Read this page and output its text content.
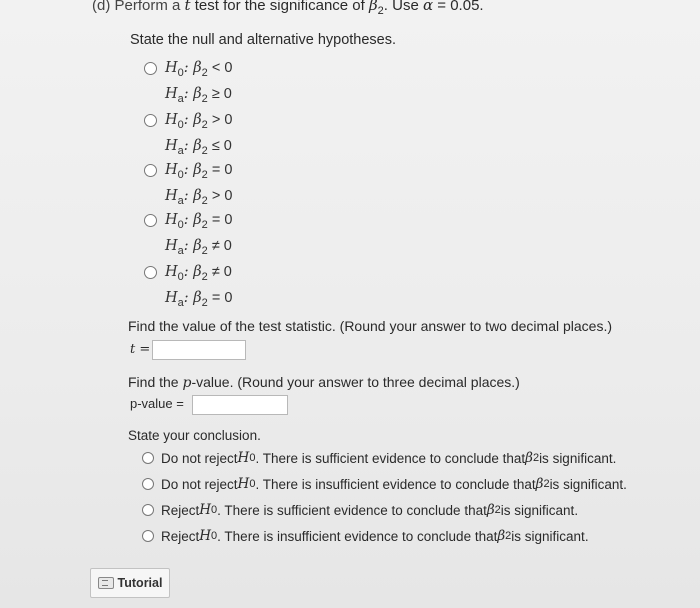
(d) Perform a t test for the significance of $\beta_2$. Use α = 0.05.
State the null and alternative hypotheses.
$H_0$: $\beta_2 < 0$
$H_a$: $\beta_2 \ge 0$
$H_0$: $\beta_2 > 0$
$H_a$: $\beta_2 \le 0$
$H_0$: $\beta_2 = 0$
$H_a$: $\beta_2 > 0$
$H_0$: $\beta_2 = 0$
$H_a$: $\beta_2 \ne 0$
$H_0$: $\beta_2 \ne 0$
$H_a$: $\beta_2 = 0$
Find the value of the test statistic. (Round your answer to two decimal places.)
t =
Find the p-value. (Round your answer to three decimal places.)
p-value =
State your conclusion.
Do not reject H 0 . There is sufficient evidence to conclude that β 2 is significant.
Do not reject H 0 . There is insufficient evidence to conclude that β 2 is significant.
Reject H 0 . There is sufficient evidence to conclude that β 2 is significant.
Reject H 0 . There is insufficient evidence to conclude that β 2 is significant.
Tutorial
